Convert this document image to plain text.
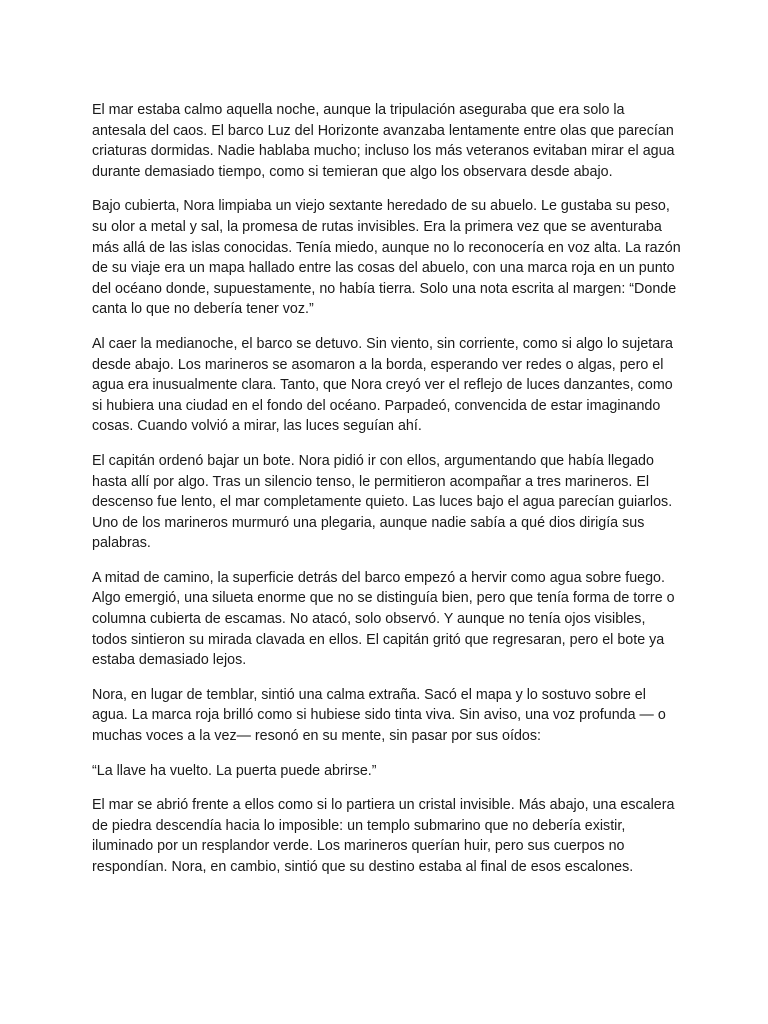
El mar estaba calmo aquella noche, aunque la tripulación aseguraba que era solo la antesala del caos. El barco Luz del Horizonte avanzaba lentamente entre olas que parecían criaturas dormidas. Nadie hablaba mucho; incluso los más veteranos evitaban mirar el agua durante demasiado tiempo, como si temieran que algo los observara desde abajo.

Bajo cubierta, Nora limpiaba un viejo sextante heredado de su abuelo. Le gustaba su peso, su olor a metal y sal, la promesa de rutas invisibles. Era la primera vez que se aventuraba más allá de las islas conocidas. Tenía miedo, aunque no lo reconocería en voz alta. La razón de su viaje era un mapa hallado entre las cosas del abuelo, con una marca roja en un punto del océano donde, supuestamente, no había tierra. Solo una nota escrita al margen: “Donde canta lo que no debería tener voz.”

Al caer la medianoche, el barco se detuvo. Sin viento, sin corriente, como si algo lo sujetara desde abajo. Los marineros se asomaron a la borda, esperando ver redes o algas, pero el agua era inusualmente clara. Tanto, que Nora creyó ver el reflejo de luces danzantes, como si hubiera una ciudad en el fondo del océano. Parpadeó, convencida de estar imaginando cosas. Cuando volvió a mirar, las luces seguían ahí.

El capitán ordenó bajar un bote. Nora pidió ir con ellos, argumentando que había llegado hasta allí por algo. Tras un silencio tenso, le permitieron acompañar a tres marineros. El descenso fue lento, el mar completamente quieto. Las luces bajo el agua parecían guiarlos. Uno de los marineros murmuró una plegaria, aunque nadie sabía a qué dios dirigía sus palabras.

A mitad de camino, la superficie detrás del barco empezó a hervir como agua sobre fuego. Algo emergió, una silueta enorme que no se distinguía bien, pero que tenía forma de torre o columna cubierta de escamas. No atacó, solo observó. Y aunque no tenía ojos visibles, todos sintieron su mirada clavada en ellos. El capitán gritó que regresaran, pero el bote ya estaba demasiado lejos.

Nora, en lugar de temblar, sintió una calma extraña. Sacó el mapa y lo sostuvo sobre el agua. La marca roja brilló como si hubiese sido tinta viva. Sin aviso, una voz profunda — o muchas voces a la vez— resonó en su mente, sin pasar por sus oídos:

“La llave ha vuelto. La puerta puede abrirse.”

El mar se abrió frente a ellos como si lo partiera un cristal invisible. Más abajo, una escalera de piedra descendía hacia lo imposible: un templo submarino que no debería existir, iluminado por un resplandor verde. Los marineros querían huir, pero sus cuerpos no respondían. Nora, en cambio, sintió que su destino estaba al final de esos escalones.
